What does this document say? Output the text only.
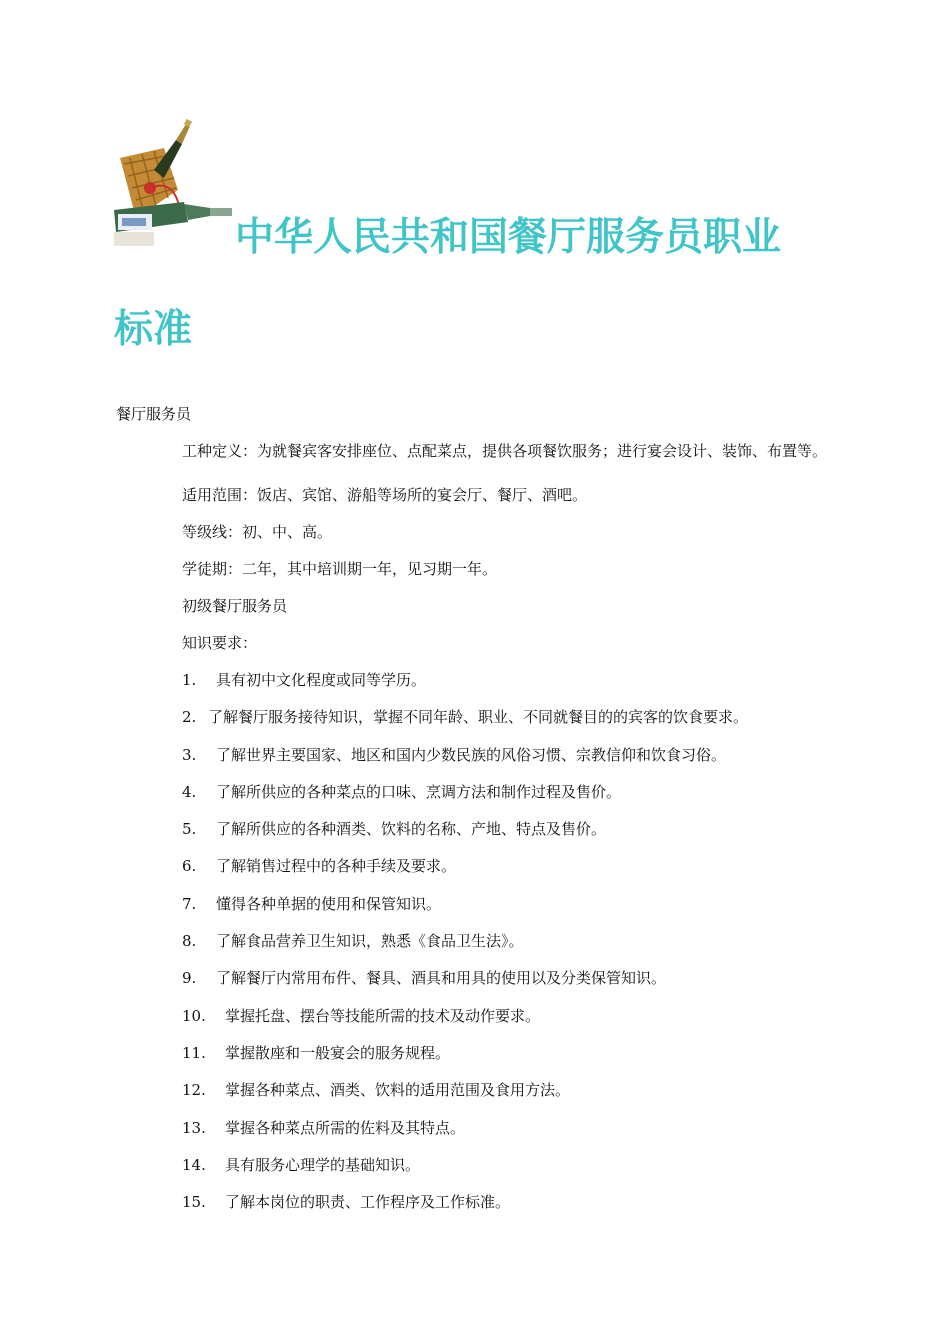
中华人民共和国餐厅服务员职业
标准

餐厅服务员

工种定义：为就餐宾客安排座位、点配菜点，提供各项餐饮服务；进行宴会设计、装饰、布置等。

适用范围：饭店、宾馆、游船等场所的宴会厅、餐厅、酒吧。

等级线：初、中、高。

学徒期：二年，其中培训期一年，见习期一年。

初级餐厅服务员

知识要求：

1. 具有初中文化程度或同等学历。
2. 了解餐厅服务接待知识，掌握不同年龄、职业、不同就餐目的的宾客的饮食要求。
3. 了解世界主要国家、地区和国内少数民族的风俗习惯、宗教信仰和饮食习俗。
4. 了解所供应的各种菜点的口味、烹调方法和制作过程及售价。
5. 了解所供应的各种酒类、饮料的名称、产地、特点及售价。
6. 了解销售过程中的各种手续及要求。
7. 懂得各种单据的使用和保管知识。
8. 了解食品营养卫生知识，熟悉《食品卫生法》。
9. 了解餐厅内常用布件、餐具、酒具和用具的使用以及分类保管知识。
10. 掌握托盘、摆台等技能所需的技术及动作要求。
11. 掌握散座和一般宴会的服务规程。
12. 掌握各种菜点、酒类、饮料的适用范围及食用方法。
13. 掌握各种菜点所需的佐料及其特点。
14. 具有服务心理学的基础知识。
15. 了解本岗位的职责、工作程序及工作标准。
